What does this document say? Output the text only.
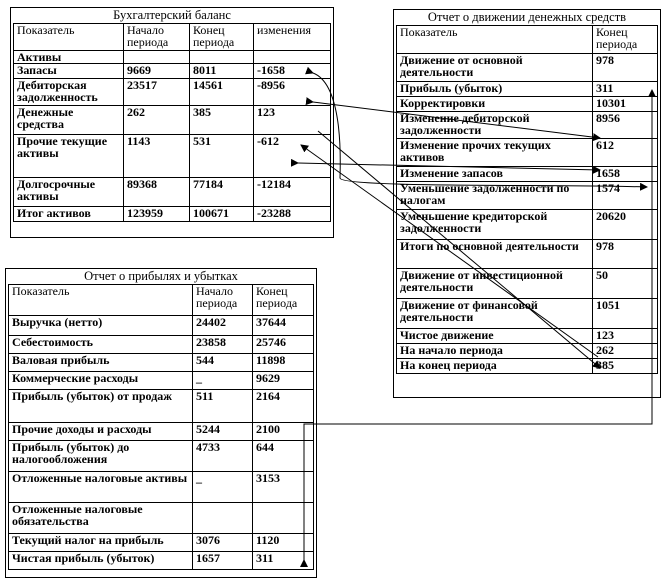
Бухгалтерский баланс
Показатель	Начало периода	Конец периода	изменения
Активы			
Запасы	9669	8011	-1658
Дебиторская задолженность	23517	14561	-8956
Денежные средства	262	385	123
Прочие текущие активы	1143	531	-612
Долгосрочные активы	89368	77184	-12184
Итог активов	123959	100671	-23288
Отчет о движении денежных средств
Показатель	Конец периода
Движение от основной деятельности	978
Прибыль (убыток)	311
Корректировки	10301
Изменение дебиторской задолженности	8956
Изменение прочих текущих активов	612
Изменение запасов	1658
Уменьшение задолженности по налогам	1574
Уменьшение кредиторской задолженности	20620
Итоги по основной деятельности	978
Движение от инвестиционной деятельности	50
Движение от финансовой деятельности	1051
Чистое движение	123
На начало периода	262
На конец периода	385
Отчет о прибылях и убытках
Показатель	Начало периода	Конец периода
Выручка (нетто)	24402	37644
Себестоимость	23858	25746
Валовая прибыль	544	11898
Коммерческие расходы	_	9629
Прибыль (убыток) от продаж	511	2164
Прочие доходы и расходы	5244	2100
Прибыль (убыток) до налогообложения	4733	644
Отложенные налоговые активы	_	3153
Отложенные налоговые обязательства		
Текущий налог на прибыль	3076	1120
Чистая прибыль (убыток)	1657	311
